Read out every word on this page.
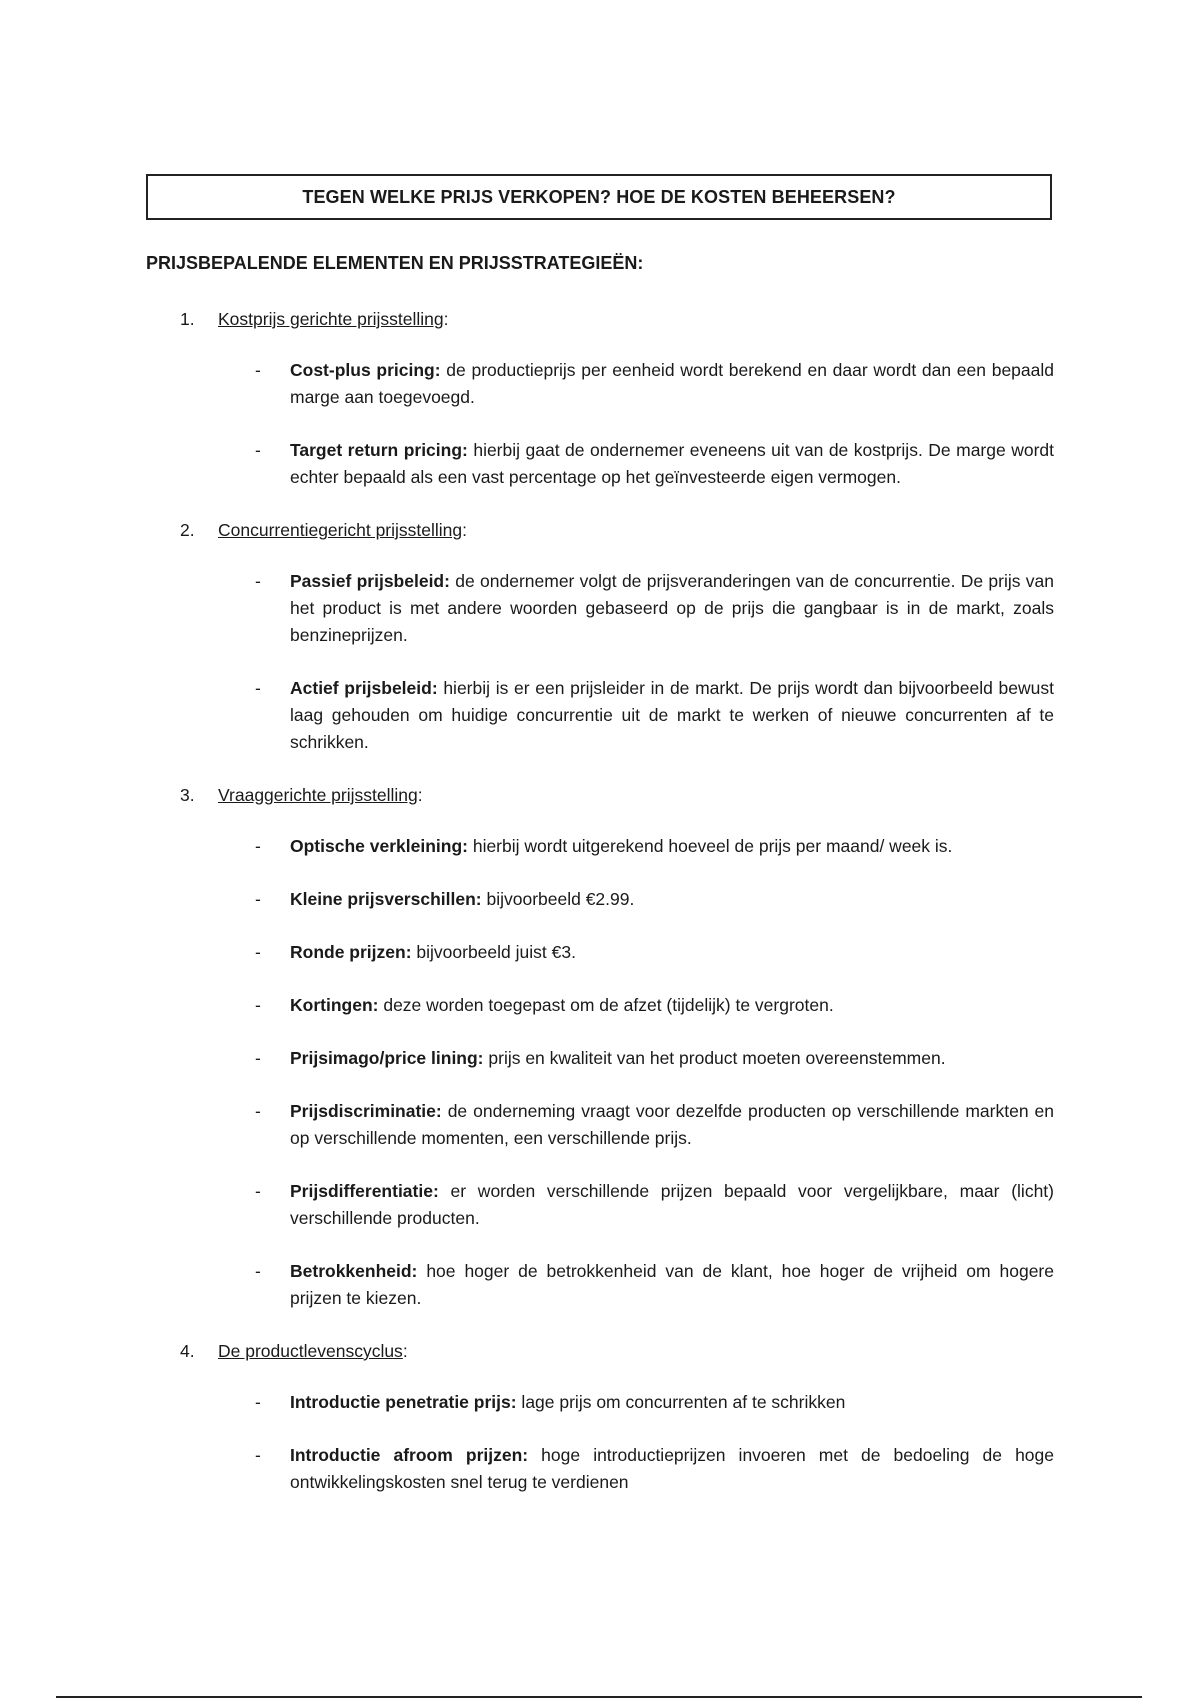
TEGEN WELKE PRIJS VERKOPEN? HOE DE KOSTEN BEHEERSEN?
PRIJSBEPALENDE ELEMENTEN EN PRIJSSTRATEGIEËN:
1. Kostprijs gerichte prijsstelling:
- Cost-plus pricing: de productieprijs per eenheid wordt berekend en daar wordt dan een bepaald marge aan toegevoegd.
- Target return pricing: hierbij gaat de ondernemer eveneens uit van de kostprijs. De marge wordt echter bepaald als een vast percentage op het geïnvesteerde eigen vermogen.
2. Concurrentiegericht prijsstelling:
- Passief prijsbeleid: de ondernemer volgt de prijsveranderingen van de concurrentie. De prijs van het product is met andere woorden gebaseerd op de prijs die gangbaar is in de markt, zoals benzineprijzen.
- Actief prijsbeleid: hierbij is er een prijsleider in de markt. De prijs wordt dan bijvoorbeeld bewust laag gehouden om huidige concurrentie uit de markt te werken of nieuwe concurrenten af te schrikken.
3. Vraaggerichte prijsstelling:
- Optische verkleining: hierbij wordt uitgerekend hoeveel de prijs per maand/ week is.
- Kleine prijsverschillen: bijvoorbeeld €2.99.
- Ronde prijzen: bijvoorbeeld juist €3.
- Kortingen: deze worden toegepast om de afzet (tijdelijk) te vergroten.
- Prijsimago/price lining: prijs en kwaliteit van het product moeten overeenstemmen.
- Prijsdiscriminatie: de onderneming vraagt voor dezelfde producten op verschillende markten en op verschillende momenten, een verschillende prijs.
- Prijsdifferentiatie: er worden verschillende prijzen bepaald voor vergelijkbare, maar (licht) verschillende producten.
- Betrokkenheid: hoe hoger de betrokkenheid van de klant, hoe hoger de vrijheid om hogere prijzen te kiezen.
4. De productlevenscyclus:
- Introductie penetratie prijs: lage prijs om concurrenten af te schrikken
- Introductie afroom prijzen: hoge introductieprijzen invoeren met de bedoeling de hoge ontwikkelingskosten snel terug te verdienen
